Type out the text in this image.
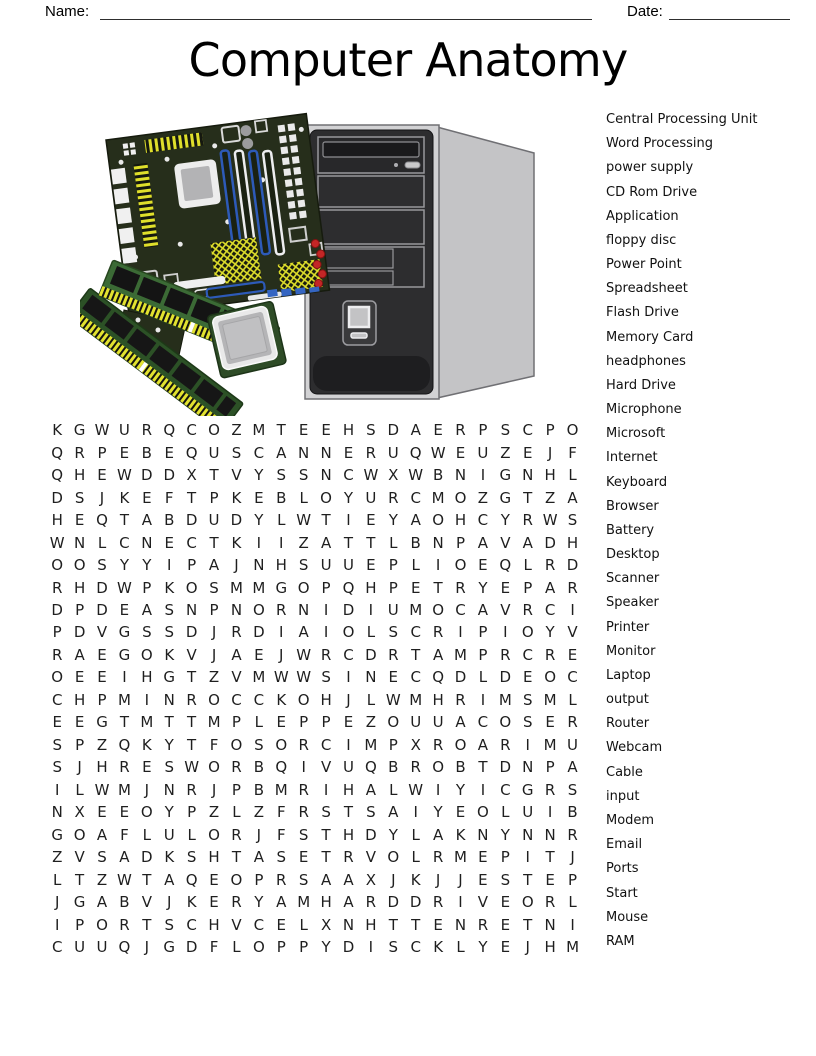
Name:	Date:
Computer Anatomy
K G W U R Q C O Z M T E E H S D A E R P S C P O
Q R P E B E Q U S C A N N E R U Q W E U Z E	J	F
Q H E W D D X T V Y S S N C W X W B N I G N H L
D S	J	K E F T P K E B L O Y U R C M O Z G T Z A
H E Q T A B D U D Y L W T	I	E Y A O H C Y R W S
W N L C N E C T K	I	I	Z A T T L B N P A V A D H
O O S Y Y	I	P A	J N H S U U E P L	I O E Q L R D
R H D W P K O S M M G O P Q H P E T R Y E P A R
D P D E A S N P N O R N I D I U M O C A V R C I
P D V G S S D J R D I	A	I O L S C R I	P	I O Y V
R A E G O K V	J	A E	J W R C D R T A M P R C R E
O E E	I H G T Z V M W W S	I N E C Q D L D E O C
C H P M I N R O C C K O H J	L W M H R I M S M L
E E G T M T T M P L E P P E Z O U U A C O S E R
S P Z Q K Y T F O S O R C I M P X R O A R I M U
S	J H R E S W O R B Q I	V U Q B R O B T D N P A
I	L W M J N R J	P B M R I H A L W I	Y	I C G R S
N X E E O Y P Z L Z F R S T S A	I	Y E O L U I	B
G O A F L U L O R J	F S T H D Y L A K N Y N N R
Z V S A D K S H T A S E T R V O L R M E P	I	T	J
L T Z W T A Q E O P R S A A X	J	K	J	J	E S T E P
J G A B V	J	K E R Y A M H A R D D R I	V E O R L
I	P O R T S C H V C E L X N H T T E N R E T N I
C U U Q J G D F L O P P Y D I	S C K L Y E	J H M
Central Processing Unit
Word Processing
power supply
CD Rom Drive
Application
floppy disc
Power Point
Spreadsheet
Flash Drive
Memory Card
headphones
Hard Drive
Microphone
Microsoft
Internet
Keyboard
Browser
Battery
Desktop
Scanner
Speaker
Printer
Monitor
Laptop
output
Router
Webcam
Cable
input
Modem
Email
Ports
Start
Mouse
RAM
